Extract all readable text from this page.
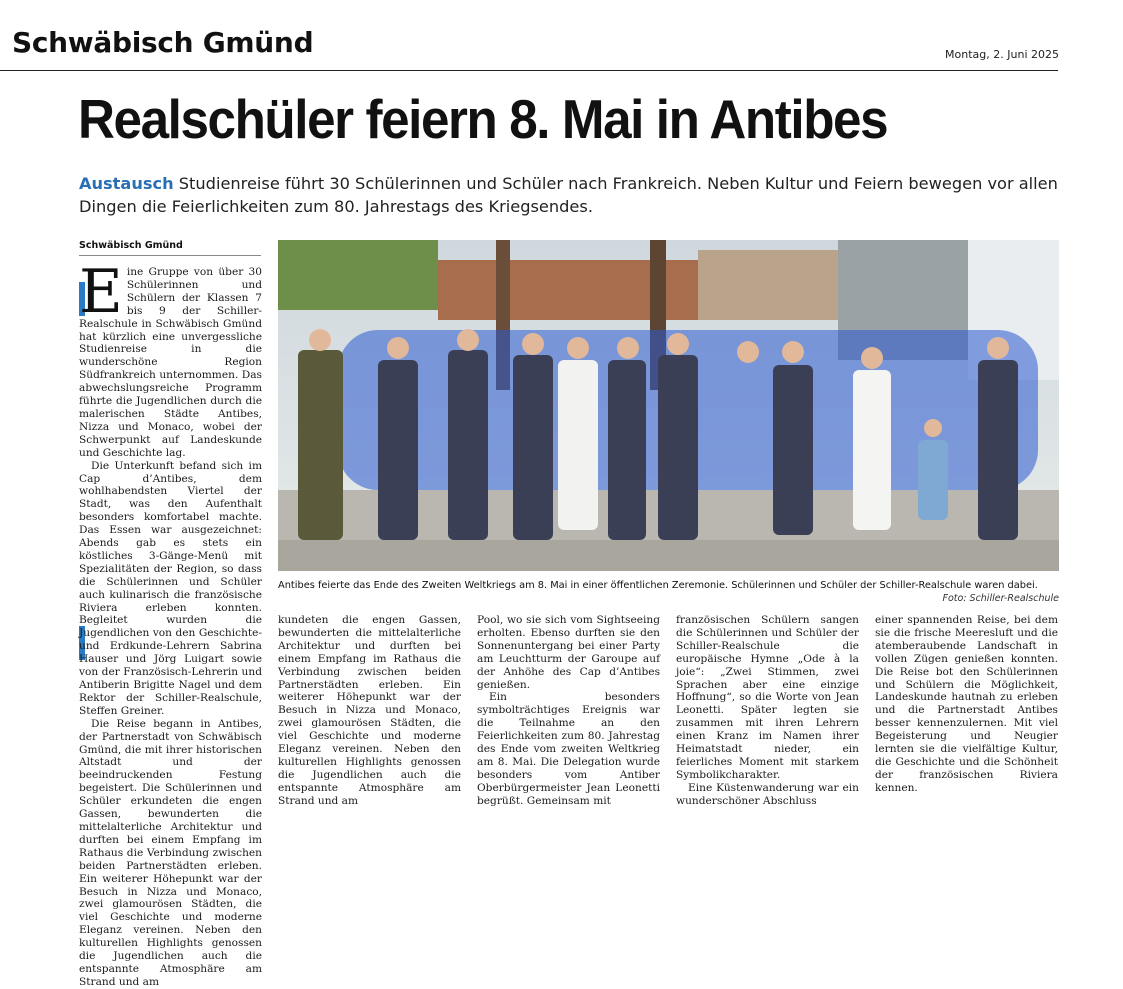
Schwäbisch Gmünd	Montag, 2. Juni 2025
Realschüler feiern 8. Mai in Antibes
Austausch Studienreise führt 30 Schülerinnen und Schüler nach Frankreich. Neben Kultur und Feiern bewegen vor allen Dingen die Feierlichkeiten zum 80. Jahrestags des Kriegsendes.
Schwäbisch Gmünd

Eine Gruppe von über 30 Schülerinnen und Schülern der Klassen 7 bis 9 der Schiller-Realschule in Schwäbisch Gmünd hat kürzlich eine unvergessliche Studienreise in die wunderschöne Region Südfrankreich unternommen. Das abwechslungsreiche Programm führte die Jugendlichen durch die malerischen Städte Antibes, Nizza und Monaco, wobei der Schwerpunkt auf Landeskunde und Geschichte lag.

Die Unterkunft befand sich im Cap d’Antibes, dem wohlhabendsten Viertel der Stadt, was den Aufenthalt besonders komfortabel machte. Das Essen war ausgezeichnet: Abends gab es stets ein köstliches 3-Gänge-Menü mit Spezialitäten der Region, so dass die Schülerinnen und Schüler auch kulinarisch die französische Riviera erleben konnten. Begleitet wurden die Jugendlichen von den Geschichte- und Erdkunde-Lehrern Sabrina Hauser und Jörg Luigart sowie von der Französisch-Lehrerin und Antiberin Brigitte Nagel und dem Rektor der Schiller-Realschule, Steffen Greiner.

Die Reise begann in Antibes, der Partnerstadt von Schwäbisch Gmünd, die mit ihrer historischen Altstadt und der beeindruckenden Festung begeistert. Die Schülerinnen und Schüler erkundeten die engen Gassen, bewunderten die mittelalterliche Architektur und durften bei einem Empfang im Rathaus die Verbindung zwischen beiden Partnerstädten erleben. Ein weiterer Höhepunkt war der Besuch in Nizza und Monaco, zwei glamourösen Städten, die viel Geschichte und moderne Eleganz vereinen. Neben den kulturellen Highlights genossen die Jugendlichen auch die entspannte Atmosphäre am Strand und am

kundeten die engen Gassen, bewunderten die mittelalterliche Architektur und durften bei einem Empfang im Rathaus die Verbindung zwischen beiden Partnerstädten erleben. Ein weiterer Höhepunkt war der Besuch in Nizza und Monaco, zwei glamourösen Städten, die viel Geschichte und moderne Eleganz vereinen. Neben den kulturellen Highlights genossen die Jugendlichen auch die entspannte Atmosphäre am Strand und am

Pool, wo sie sich vom Sightseeing erholten. Ebenso durften sie den Sonnenuntergang bei einer Party am Leuchtturm der Garoupe auf der Anhöhe des Cap d’Antibes genießen.

Ein besonders symbolträchtiges Ereignis war die Teilnahme an den Feierlichkeiten zum 80. Jahrestag des Ende vom zweiten Weltkrieg am 8. Mai. Die Delegation wurde besonders vom Antiber Oberbürgermeister Jean Leonetti begrüßt. Gemeinsam mit

französischen Schülern sangen die Schülerinnen und Schüler der Schiller-Realschule die europäische Hymne „Ode à la joie“: „Zwei Stimmen, zwei Sprachen aber eine einzige Hoffnung“, so die Worte von Jean Leonetti. Später legten sie zusammen mit ihren Lehrern einen Kranz im Namen ihrer Heimatstadt nieder, ein feierliches Moment mit starkem Symbolikcharakter.

Eine Küstenwanderung war ein wunderschöner Abschluss

einer spannenden Reise, bei dem sie die frische Meeresluft und die atemberaubende Landschaft in vollen Zügen genießen konnten. Die Reise bot den Schülerinnen und Schülern die Möglichkeit, Landeskunde hautnah zu erleben und die Partnerstadt Antibes besser kennenzulernen. Mit viel Begeisterung und Neugier lernten sie die vielfältige Kultur, die Geschichte und die Schönheit der französischen Riviera kennen.

Antibes feierte das Ende des Zweiten Weltkriegs am 8. Mai in einer öffentlichen Zeremonie. Schülerinnen und Schüler der Schiller-Realschule waren dabei.
Foto: Schiller-Realschule
